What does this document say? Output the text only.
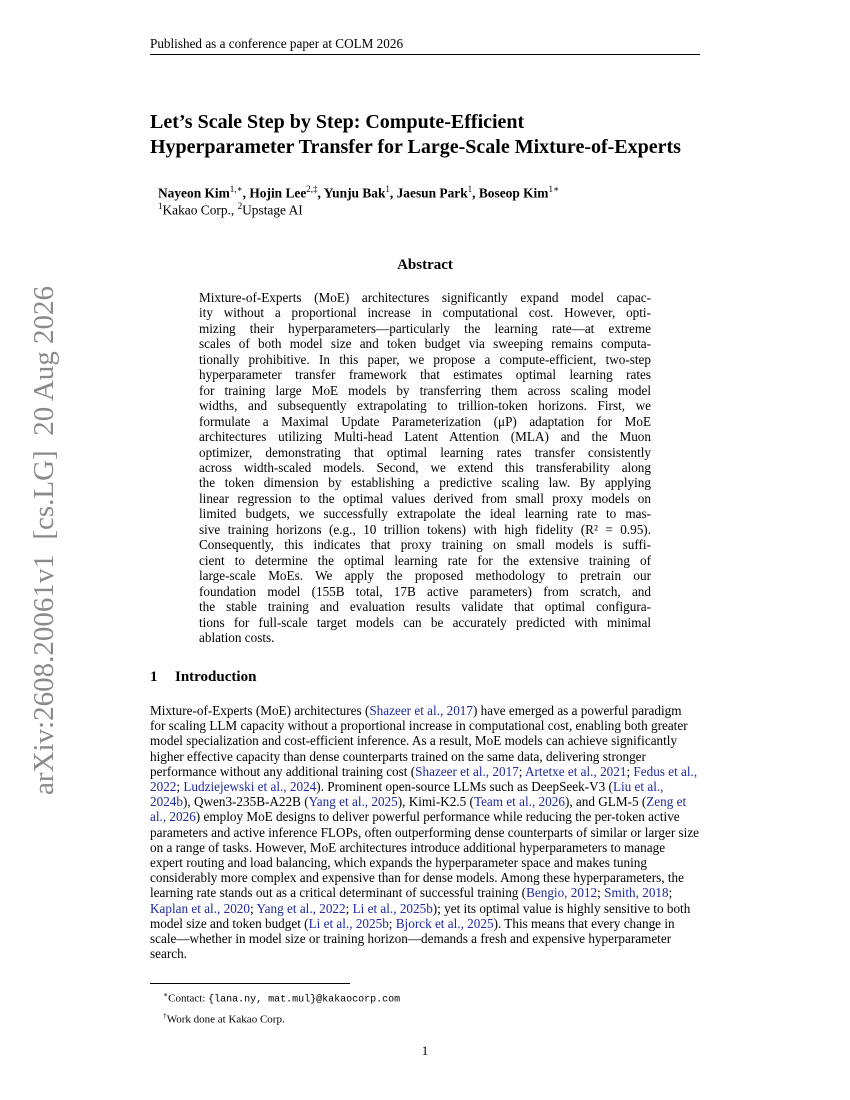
Published as a conference paper at COLM 2026
arXiv:2608.20061v1  [cs.LG]  20 Aug 2026
Let’s Scale Step by Step: Compute-Efficient
Hyperparameter Transfer for Large-Scale Mixture-of-Experts
Nayeon Kim$^{1,∗}$, Hojin Lee$^{2,\ddagger}$, Yunju Bak$^1$, Jaesun Park$^1$, Boseop Kim$^{1∗}$
$^1$Kakao Corp., $^2$Upstage AI
Abstract
Mixture-of-Experts (MoE) architectures significantly expand model capac-
ity without a proportional increase in computational cost. However, opti-
mizing their hyperparameters—particularly the learning rate—at extreme
scales of both model size and token budget via sweeping remains computa-
tionally prohibitive. In this paper, we propose a compute-efficient, two-step
hyperparameter transfer framework that estimates optimal learning rates
for training large MoE models by transferring them across scaling model
widths, and subsequently extrapolating to trillion-token horizons. First, we
formulate a Maximal Update Parameterization (μP) adaptation for MoE
architectures utilizing Multi-head Latent Attention (MLA) and the Muon
optimizer, demonstrating that optimal learning rates transfer consistently
across width-scaled models. Second, we extend this transferability along
the token dimension by establishing a predictive scaling law. By applying
linear regression to the optimal values derived from small proxy models on
limited budgets, we successfully extrapolate the ideal learning rate to mas-
sive training horizons (e.g., 10 trillion tokens) with high fidelity (R² = 0.95).
Consequently, this indicates that proxy training on small models is suffi-
cient to determine the optimal learning rate for the extensive training of
large-scale MoEs. We apply the proposed methodology to pretrain our
foundation model (155B total, 17B active parameters) from scratch, and
the stable training and evaluation results validate that optimal configura-
tions for full-scale target models can be accurately predicted with minimal
ablation costs.
1 Introduction
Mixture-of-Experts (MoE) architectures (Shazeer et al., 2017) have emerged as a powerful paradigm for scaling LLM capacity without a proportional increase in computational cost, enabling both greater model specialization and cost-efficient inference. As a result, MoE models can achieve significantly higher effective capacity than dense counterparts trained on the same data, delivering stronger performance without any additional training cost (Shazeer et al., 2017; Artetxe et al., 2021; Fedus et al., 2022; Ludziejewski et al., 2024). Prominent open-source LLMs such as DeepSeek-V3 (Liu et al., 2024b), Qwen3-235B-A22B (Yang et al., 2025), Kimi-K2.5 (Team et al., 2026), and GLM-5 (Zeng et al., 2026) employ MoE designs to deliver powerful performance while reducing the per-token active parameters and active inference FLOPs, often outperforming dense counterparts of similar or larger size on a range of tasks. However, MoE architectures introduce additional hyperparameters to manage expert routing and load balancing, which expands the hyperparameter space and makes tuning considerably more complex and expensive than for dense models. Among these hyperparameters, the learning rate stands out as a critical determinant of successful training (Bengio, 2012; Smith, 2018; Kaplan et al., 2020; Yang et al., 2022; Li et al., 2025b); yet its optimal value is highly sensitive to both model size and token budget (Li et al., 2025b; Bjorck et al., 2025). This means that every change in scale—whether in model size or training horizon—demands a fresh and expensive hyperparameter search.
∗Contact: {lana.ny, mat.mul}@kakaocorp.com
†Work done at Kakao Corp.
1
